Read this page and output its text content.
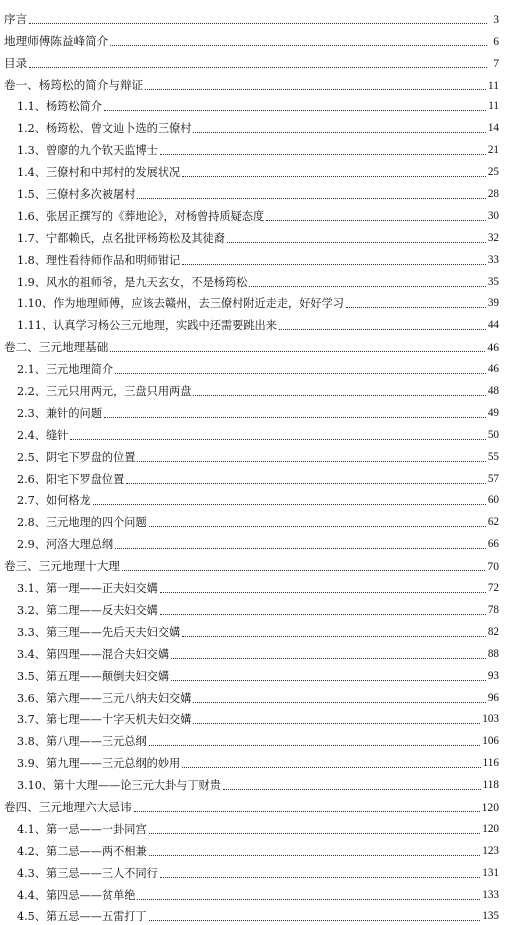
序言	3
地理师傅陈益峰简介	6
目录	7
卷一、杨筠松的简介与辩证	11
1.1、杨筠松简介	11
1.2、杨筠松、曾文辿卜选的三僚村	14
1.3、曾廖的九个钦天监博士	21
1.4、三僚村和中邦村的发展状况	25
1.5、三僚村多次被屠村	28
1.6、张居正撰写的《葬地论》，对杨曾持质疑态度	30
1.7、宁都赖氏，点名批评杨筠松及其徒裔	32
1.8、理性看待师作品和明师钳记	33
1.9、风水的祖师爷，是九天玄女，不是杨筠松	35
1.10、作为地理师傅，应该去赣州，去三僚村附近走走，好好学习	39
1.11、认真学习杨公三元地理，实践中还需要跳出来	44
卷二、三元地理基础	46
2.1、三元地理简介	46
2.2、三元只用两元，三盘只用两盘	48
2.3、兼针的问题	49
2.4、缝针	50
2.5、阴宅下罗盘的位置	55
2.6、阳宅下罗盘位置	57
2.7、如何格龙	60
2.8、三元地理的四个问题	62
2.9、河洛大理总纲	66
卷三、三元地理十大理	70
3.1、第一理——正夫妇交媾	72
3.2、第二理——反夫妇交媾	78
3.3、第三理——先后天夫妇交媾	82
3.4、第四理——混合夫妇交媾	88
3.5、第五理——颠倒夫妇交媾	93
3.6、第六理——三元八纳夫妇交媾	96
3.7、第七理——十字天机夫妇交媾	103
3.8、第八理——三元总纲	106
3.9、第九理——三元总纲的妙用	116
3.10、第十大理——论三元大卦与丁财贵	118
卷四、三元地理六大忌讳	120
4.1、第一忌——一卦同宫	120
4.2、第二忌——两不相兼	123
4.3、第三忌——三人不同行	131
4.4、第四忌——贫单绝	133
4.5、第五忌——五雷打丁	135
